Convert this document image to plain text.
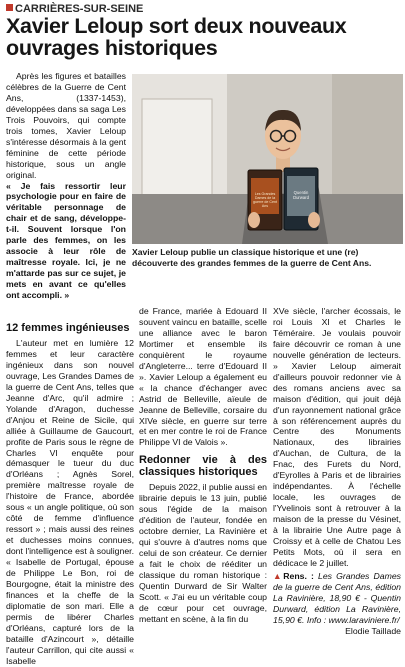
CARRIÈRES-SUR-SEINE
Xavier Leloup sort deux nouveaux ouvrages historiques

Après les figures et batailles célèbres de la Guerre de Cent Ans, (1337-1453), développées dans sa saga Les Trois Pouvoirs, qui compte trois tomes, Xavier Leloup s'intéresse désormais à la gent féminine de cette période historique, sous un angle original.

« Je fais ressortir leur psychologie pour en faire de véritable personnage de chair et de sang, développe-t-il. Souvent lorsque l'on parle des femmes, on les associe à leur rôle de maîtresse royale. Ici, je ne m'attarde pas sur ce sujet, je mets en avant ce qu'elles ont accompli. »

Les Grandes Dames de la guerre de Cent Ans
Quentin Durward
Xavier Leloup publie un classique historique et une (re) découverte des grandes femmes de la guerre de Cent Ans.
12 femmes ingénieuses

L'auteur met en lumière 12 femmes et leur caractère ingénieux dans son nouvel ouvrage, Les Grandes Dames de la guerre de Cent Ans, telles que Jeanne d'Arc, qu'il admire ; Yolande d'Aragon, duchesse d'Anjou et Reine de Sicile, qui alliée à Guillaume de Gaucourt, profite de Paris sous le règne de Charles VI enquête pour démasquer le tueur du duc d'Orléans ; Agnès Sorel, première maîtresse royale de l'histoire de France, abordée sous « un angle politique, où son côté de femme d'influence ressort » ; mais aussi des reines et duchesses moins connues, dont l'intelligence est à souligner. « Isabelle de Portugal, épouse de Philippe Le Bon, roi de Bourgogne, était la ministre des finances et la cheffe de la diplomatie de son mari. Elle a permis de libérer Charles d'Orléans, capturé lors de la bataille d'Azincourt », détaille l'auteur Carrillon, qui cite aussi « Isabelle

de France, mariée à Edouard II souvent vaincu en bataille, scelle une alliance avec le baron Mortimer et ensemble ils conquièrent le royaume d'Angleterre... terre d'Edouard II ». Xavier Leloup a également eu « la chance d'échanger avec Astrid de Belleville, aïeule de Jeanne de Belleville, corsaire du XIVe siècle, en guerre sur terre et en mer contre le roi de France Philippe VI de Valois ».

Redonner vie à des classiques historiques

Depuis 2022, il publie aussi en librairie depuis le 13 juin, publié sous l'égide de la maison d'édition de l'auteur, fondée en octobre dernier, La Ravinière et qui s'ouvre à d'autres noms que celui de son créateur. Ce dernier a fait le choix de rééditer un classique du roman historique : Quentin Durward de Sir Walter Scott. « J'ai eu un véritable coup de cœur pour cet ouvrage, mettant en scène, à la fin du

XVe siècle, l'archer écossais, le roi Louis XI et Charles le Téméraire. Je voulais pouvoir faire découvrir ce roman à une nouvelle génération de lecteurs. » Xavier Leloup aimerait d'ailleurs pouvoir redonner vie à des romans anciens avec sa maison d'édition, qui jouit déjà d'un rayonnement national grâce à son référencement auprès du Centre des Monuments Nationaux, des librairies d'Auchan, de Cultura, de la Fnac, des Furets du Nord, d'Eyrolles à Paris et de librairies indépendantes. À l'échelle locale, les ouvrages de l'Yvelinois sont à retrouver à la maison de la presse du Vésinet, à la librairie Une Autre page à Croissy et à celle de Chatou Les Petits Mots, où il sera en dédicace le 2 juillet.

▲Rens. : Les Grandes Dames de la guerre de Cent Ans, édition La Ravinière, 18,90 € - Quentin Durward, édition La Ravinière, 15,90 €. Info : www.laraviniere.fr/

Elodie Taillade
